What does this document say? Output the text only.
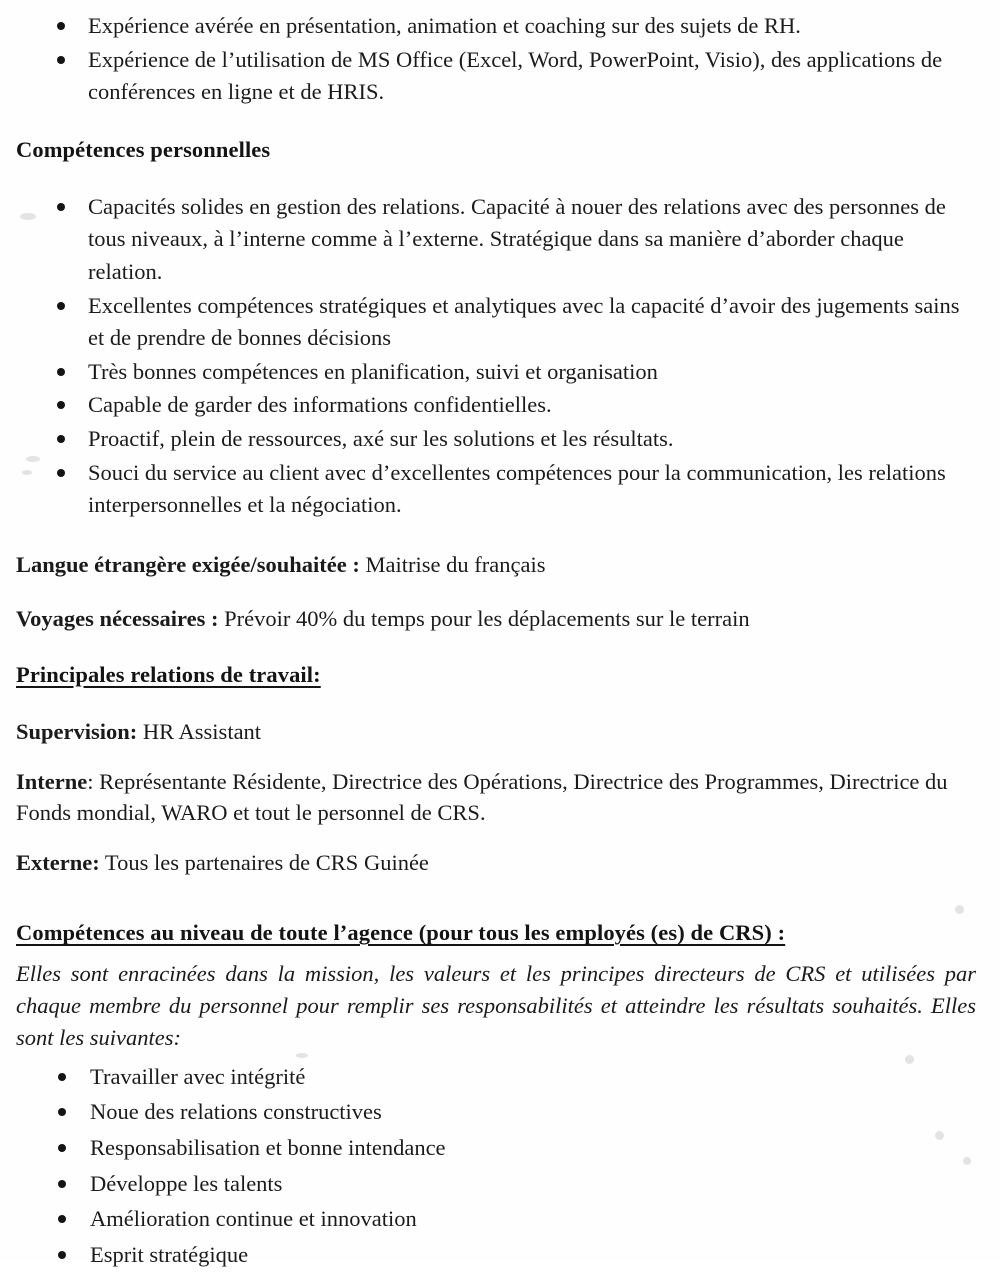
Expérience avérée en présentation, animation et coaching sur des sujets de RH.
Expérience de l’utilisation de MS Office (Excel, Word, PowerPoint, Visio), des applications de conférences en ligne et de HRIS.
Compétences personnelles
Capacités solides en gestion des relations. Capacité à nouer des relations avec des personnes de tous niveaux, à l’interne comme à l’externe. Stratégique dans sa manière d’aborder chaque relation.
Excellentes compétences stratégiques et analytiques avec la capacité d’avoir des jugements sains et de prendre de bonnes décisions
Très bonnes compétences en planification, suivi et organisation
Capable de garder des informations confidentielles.
Proactif, plein de ressources, axé sur les solutions et les résultats.
Souci du service au client avec d’excellentes compétences pour la communication, les relations interpersonnelles et la négociation.
Langue étrangère exigée/souhaitée : Maitrise du français
Voyages nécessaires : Prévoir 40% du temps pour les déplacements sur le terrain
Principales relations de travail:
Supervision: HR Assistant
Interne: Représentante Résidente, Directrice des Opérations, Directrice des Programmes, Directrice du Fonds mondial, WARO et tout le personnel de CRS.
Externe: Tous les partenaires de CRS Guinée
Compétences au niveau de toute l’agence (pour tous les employés (es) de CRS) :
Elles sont enracinées dans la mission, les valeurs et les principes directeurs de CRS et utilisées par chaque membre du personnel pour remplir ses responsabilités et atteindre les résultats souhaités. Elles sont les suivantes:
Travailler avec intégrité
Noue des relations constructives
Responsabilisation et bonne intendance
Développe les talents
Amélioration continue et innovation
Esprit stratégique
